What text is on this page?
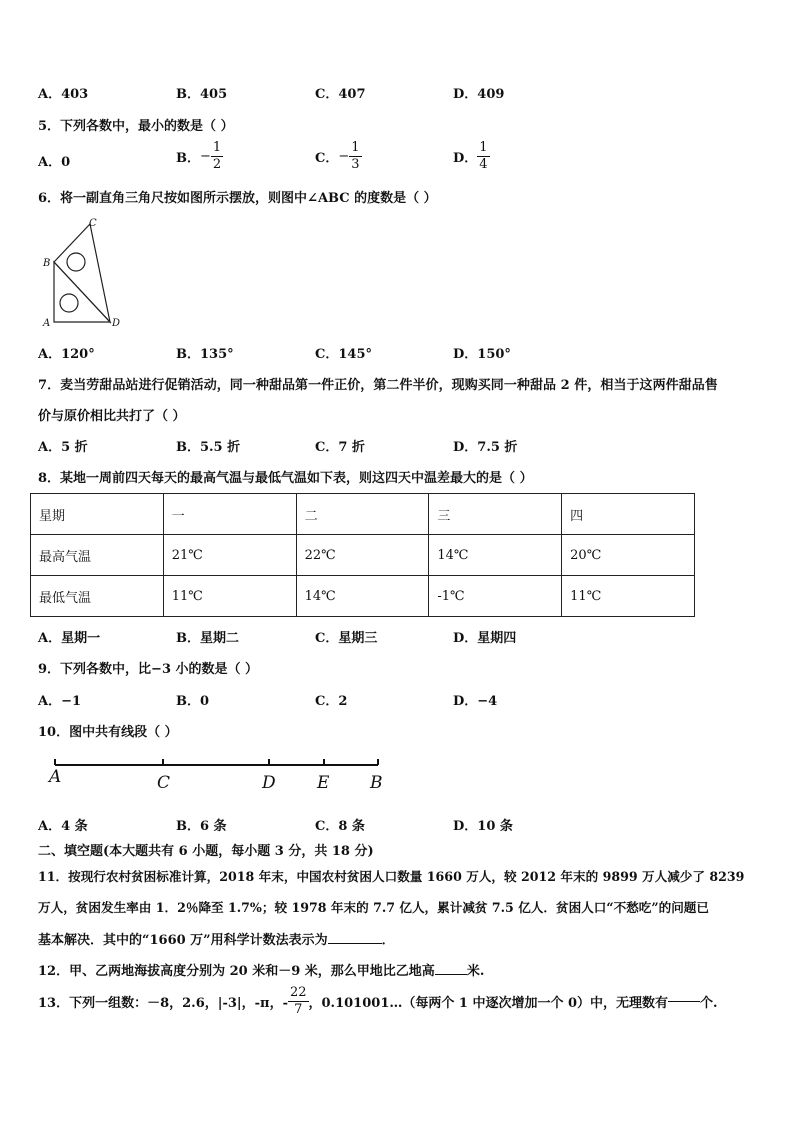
A．403	B．405	C．407	D．409
5．下列各数中，最小的数是（ ）
A．0	B．− $\frac{1}{2}$	C．− $\frac{1}{3}$	D． $\frac{1}{4}$
6．将一副直角三角尺按如图所示摆放，则图中∠ABC 的度数是（ ）
C
B
A	D
A．120°	B．135°	C．145°	D．150°
7．麦当劳甜品站进行促销活动，同一种甜品第一件正价，第二件半价，现购买同一种甜品 2 件，相当于这两件甜品售
价与原价相比共打了（ ）
A．5 折	B．5.5 折	C．7 折	D．7.5 折
8．某地一周前四天每天的最高气温与最低气温如下表，则这四天中温差最大的是（ ）
星期	一	二	三	四
最高气温	21℃	22℃	14℃	20℃
最低气温	11℃	14℃	-1℃	11℃
A．星期一	B．星期二	C．星期三	D．星期四
9．下列各数中，比−3 小的数是（ ）
A．−1	B．0	C．2	D．−4
10．图中共有线段（ ）
A	C	D E B
A．4 条	B．6 条	C．8 条	D．10 条
二、填空题(本大题共有 6 小题，每小题 3 分，共 18 分)
11．按现行农村贫困标准计算，2018 年末，中国农村贫困人口数量 1660 万人，较 2012 年末的 9899 万人减少了 8239
万人，贫困发生率由 1．2％降至 1.7%；较 1978 年末的 7.7 亿人，累计减贫 7.5 亿人．贫困人口“不愁吃”的问题已
基本解决．其中的“1660 万”用科学计数法表示为	．
12．甲、乙两地海拔高度分别为 20 米和－9 米，那么甲地比乙地高 米.
13．下列一组数：－8，2.6，|-3|，-π，- $\frac{22}{7}$ ，0.101001…（每两个 1 中逐次增加一个 0）中，无理数有 个.
